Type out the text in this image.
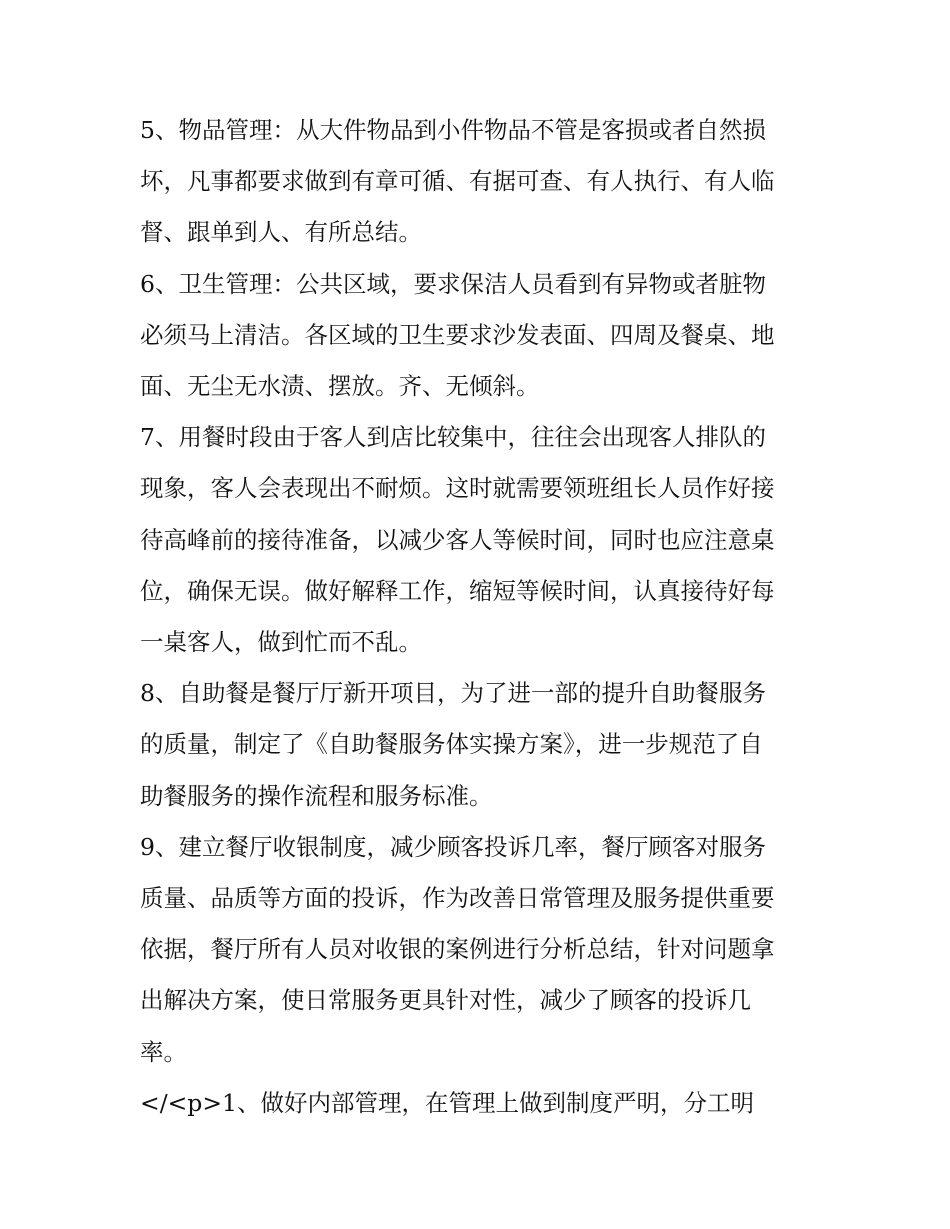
5、物品管理：从大件物品到小件物品不管是客损或者自然损

坏，凡事都要求做到有章可循、有据可查、有人执行、有人临

督、跟单到人、有所总结。

6、卫生管理：公共区域，要求保洁人员看到有异物或者脏物

必须马上清洁。各区域的卫生要求沙发表面、四周及餐桌、地

面、无尘无水渍、摆放。齐、无倾斜。

7、用餐时段由于客人到店比较集中，往往会出现客人排队的

现象，客人会表现出不耐烦。这时就需要领班组长人员作好接

待高峰前的接待准备，以减少客人等候时间，同时也应注意桌

位，确保无误。做好解释工作，缩短等候时间，认真接待好每

一桌客人，做到忙而不乱。

8、自助餐是餐厅厅新开项目，为了进一部的提升自助餐服务

的质量，制定了《自助餐服务体实操方案》，进一步规范了自

助餐服务的操作流程和服务标准。

9、建立餐厅收银制度，减少顾客投诉几率，餐厅顾客对服务

质量、品质等方面的投诉，作为改善日常管理及服务提供重要

依据，餐厅所有人员对收银的案例进行分析总结，针对问题拿

出解决方案，使日常服务更具针对性，减少了顾客的投诉几

率。

</<p>1、做好内部管理，在管理上做到制度严明，分工明
